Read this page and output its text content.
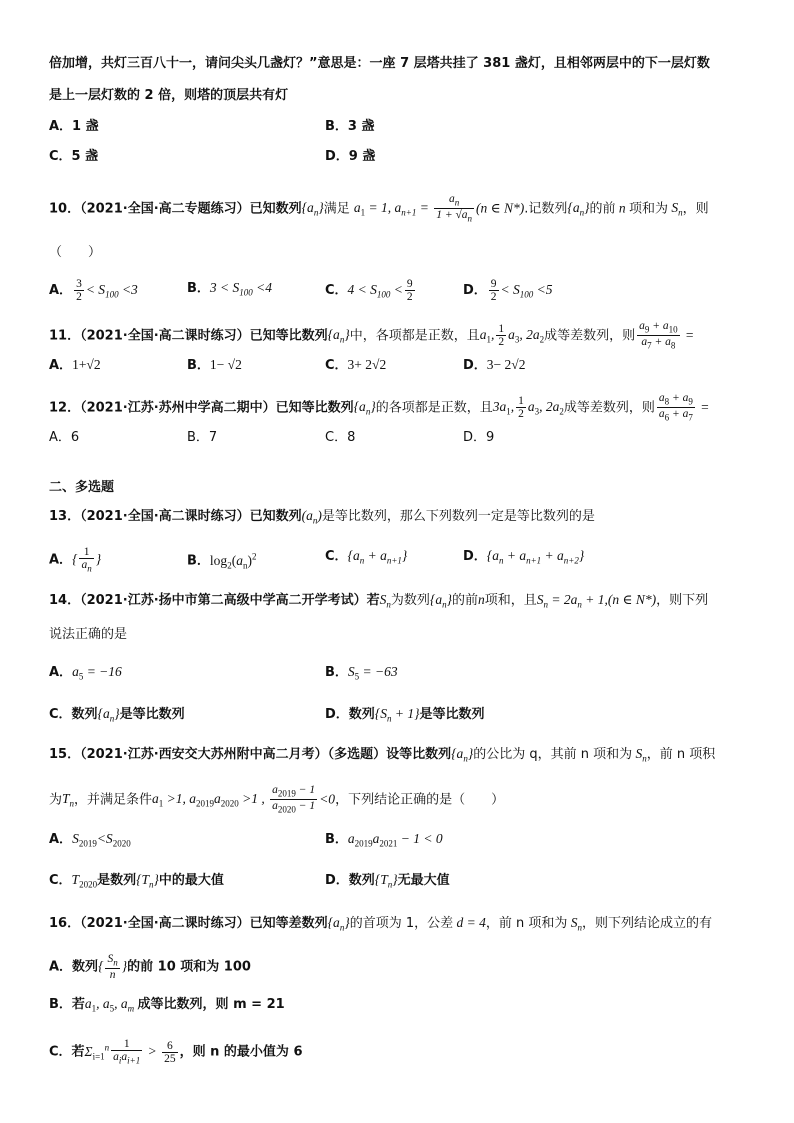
倍加增，共灯三百八十一，请问尖头几盏灯？”意思是：一座 7 层塔共挂了 381 盏灯，且相邻两层中的下一层灯数
是上一层灯数的 2 倍，则塔的顶层共有灯
A．1 盏	B．3 盏
C．5 盏	D．9 盏
10．（2021·全国·高二专题练习）已知数列$\{a_n\}$满足 $a_1 = 1$, $a_{n+1} = \frac{a_n}{1 + √a_n} (n$ ∈ N*).记数列$\{a_n\}$的前 n 项和为 $S_n$，则
（　　）
A． $\frac{3}{2} < S_{100} <3$	B．$3 < S_{100} <4$	C．$4 < S_{100} < \frac{9}{2}$	D． $\frac{9}{2} < S_{100} <5$
11．（2021·全国·高二课时练习）已知等比数列$\{a_n\}$中，各项都是正数，且$a_1$, $\frac{1}{2} a_3$, $2a_2$成等差数列，则 $\frac{a_9 + a_{10}}{a_7 + a_8}$ =
A．1+√2	B．1− √2	C．3+ 2√2	D．3− 2√2
12．（2021·江苏·苏州中学高二期中）已知等比数列$\{a_n\}$的各项都是正数，且$3a_1$, $\frac{1}{2} a_3$, $2a_2$成等差数列，则 $\frac{a_8 + a_9}{a_6 + a_7}$ =
A．6	B．7	C．8	D．9
二、多选题
13．（2021·全国·高二课时练习）已知数列$(a_n)$是等比数列，那么下列数列一定是等比数列的是
A．{ $\frac{1}{a_n}$ }	B．$\log_2(a_n)^2$	C．$\{a_n + a_{n+1}\}$	D．$\{a_n + a_{n+1} + a_{n+2}\}$
14．（2021·江苏·扬中市第二高级中学高二开学考试）若$S_n$为数列$\{a_n\}$的前n项和，且$S_n = 2a_n + 1,(n$ ∈ N*)，则下列
说法正确的是
A．$a_5 = -16$	B．$S_5 = -63$
C．数列$\{a_n\}$是等比数列	D．数列$\{S_n + 1\}$是等比数列
15．（2021·江苏·西安交大苏州附中高二月考）（多选题）设等比数列$\{a_n\}$的公比为 q，其前 n 项和为 $S_n$，前 n 项积
为$T_n$，并满足条件$a_1 >1$, $a_{2019}a_{2020} >1$ , $\frac{a_{2019} - 1}{a_{2020} - 1} <0$，下列结论正确的是（　　）
A．$S_{2019}<S_{2020}$	B．$a_{2019}a_{2021} - 1 < 0$
C．$T_{2020}$是数列$\{T_n\}$中的最大值	D．数列$\{T_n\}$无最大值
16．（2021·全国·高二课时练习）已知等差数列$\{a_n\}$的首项为 1，公差 d = 4，前 n 项和为 $S_n$，则下列结论成立的有
A．数列{ $\frac{S_n}{n}$ }的前 10 项和为 100
B．若$a_1$, $a_5$, $a_m$ 成等比数列，则 m = 21
C．若$\Sigma_{i=1}^n \frac{1}{a_ia_{i+1}} > \frac{6}{25}$ ，则 n 的最小值为 6
